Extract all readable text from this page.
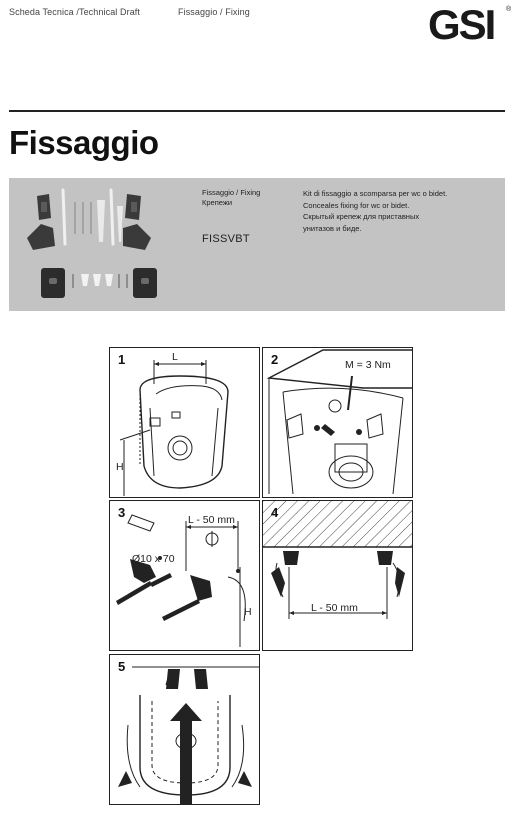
Scheda Tecnica /Technical Draft	Fissaggio / Fixing	GSI ®
Fissaggio
Fissaggio / Fixing
Крепежи
FISSVBT
Kit di fissaggio a scomparsa per wc o bidet.
Conceales fixing for wc or bidet.
Скрытый крепеж для приставных
унитазов и биде.
1	L
H
2	M = 3 Nm
3	L - 50 mm
Ø10 x 70
H
4
L - 50 mm
5
